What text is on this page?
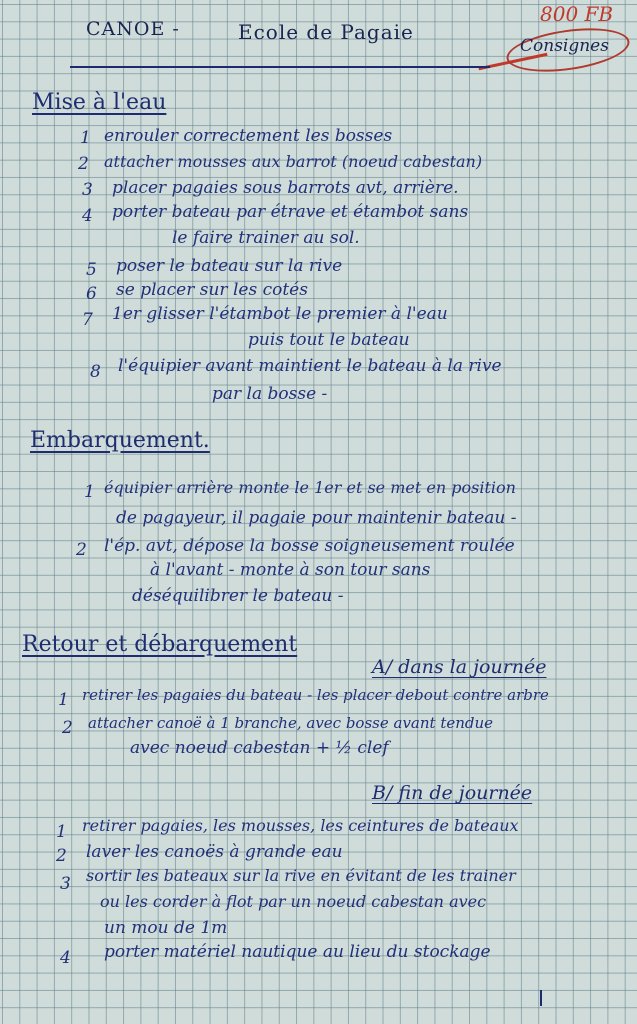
CANOE -	Ecole de Pagaie
800 FB
Consignes
Mise à l'eau
1 enrouler correctement les bosses
2 attacher mousses aux barrot (noeud cabestan)
3 placer pagaies sous barrots avt, arrière.
4 porter bateau par étrave et étambot sans
le faire trainer au sol.
5 poser le bateau sur la rive
6 se placer sur les cotés
7 1er glisser l'étambot le premier à l'eau
puis tout le bateau
8 l'équipier avant maintient le bateau à la rive
par la bosse -
Embarquement.
1 équipier arrière monte le 1er et se met en position
de pagayeur, il pagaie pour maintenir bateau -
2 l'ép. avt, dépose la bosse soigneusement roulée
à l'avant - monte à son tour sans
déséquilibrer le bateau -
Retour et débarquement
A/ dans la journée
1 retirer les pagaies du bateau - les placer debout contre arbre
2 attacher canoë à 1 branche, avec bosse avant tendue
avec noeud cabestan + ½ clef
B/ fin de journée
1 retirer pagaies, les mousses, les ceintures de bateaux
2 laver les canoës à grande eau
3 sortir les bateaux sur la rive en évitant de les trainer
ou les corder à flot par un noeud cabestan avec
un mou de 1m
4 porter matériel nautique au lieu du stockage
